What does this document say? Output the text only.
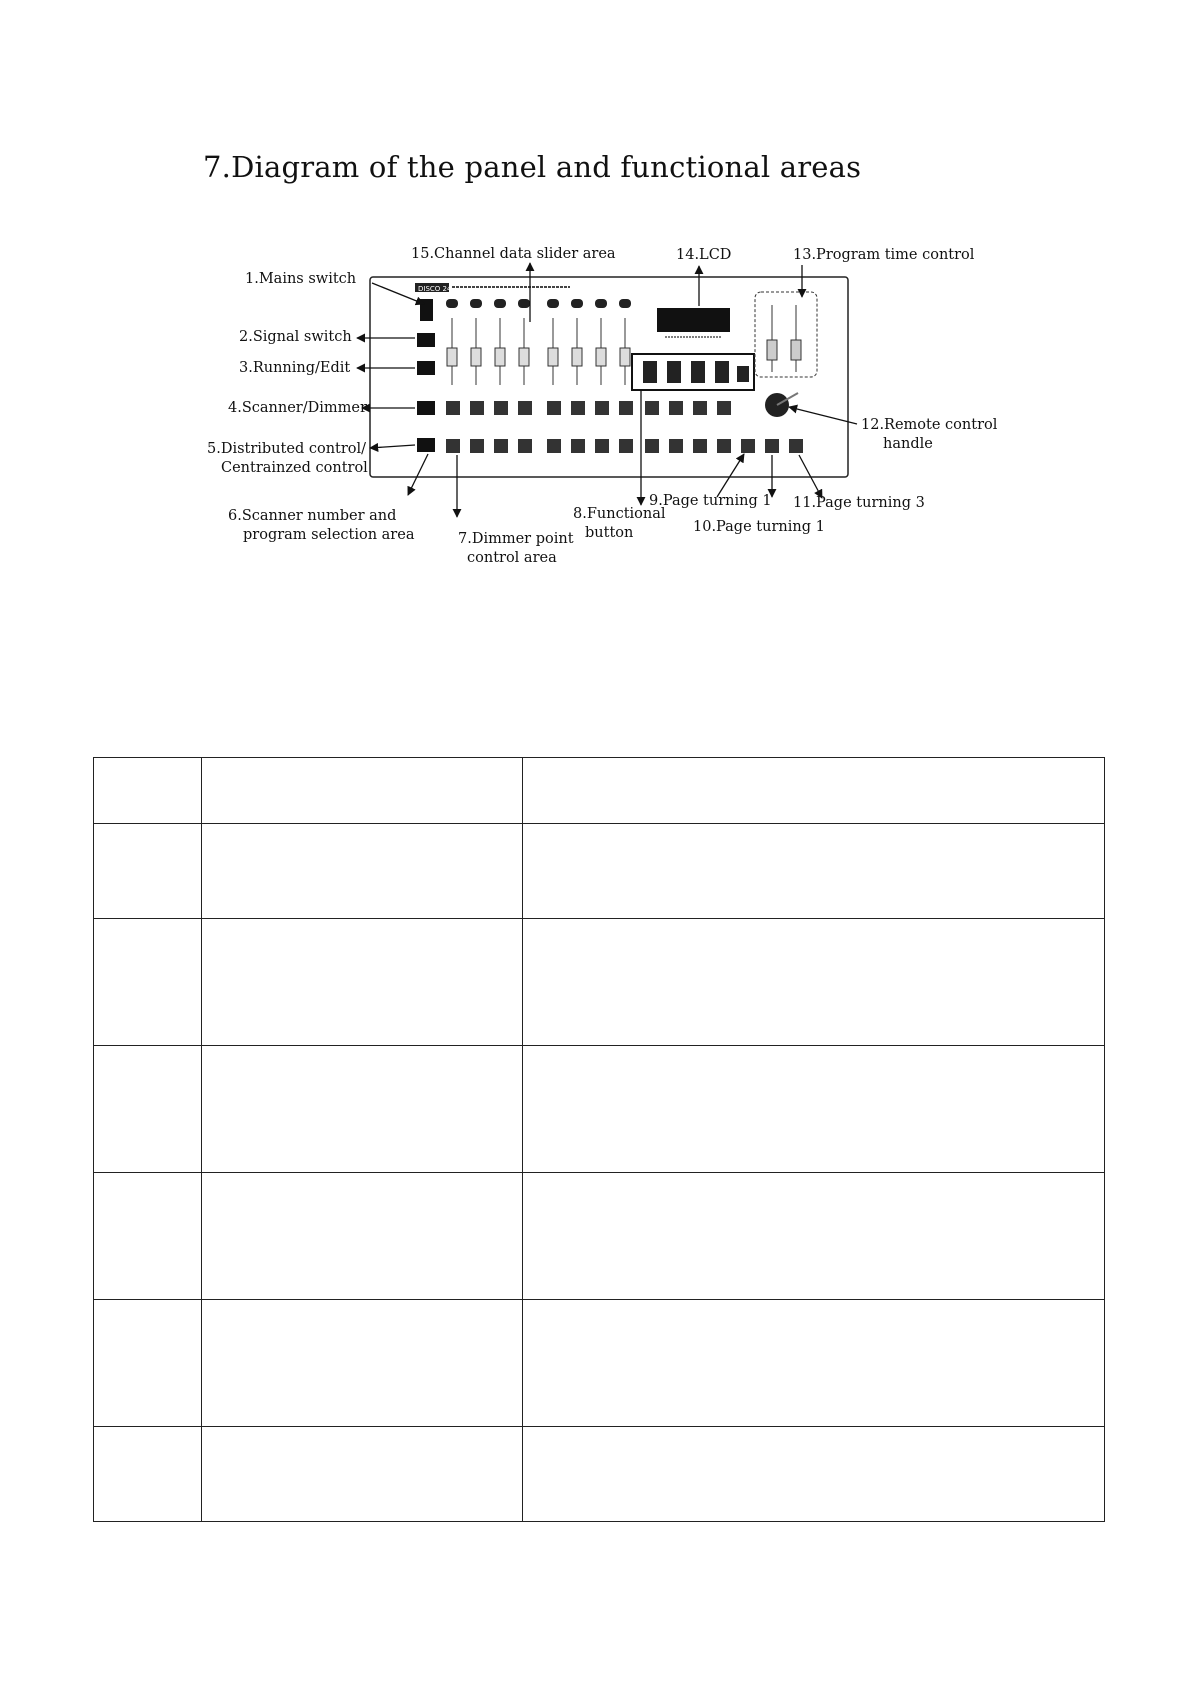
7.Diagram of the panel and functional areas
DISCO 240
1.Mains switch
2.Signal switch
3.Running/Edit
4.Scanner/Dimmer
5.Distributed control/
Centrainzed control
6.Scanner number and
program selection area	7.Dimmer point
control area
8.Functional
button
9.Page turning 1
10.Page turning 1
11.Page turning 3
12.Remote control
handle
13.Program time control
14.LCD
15.Channel data slider area
